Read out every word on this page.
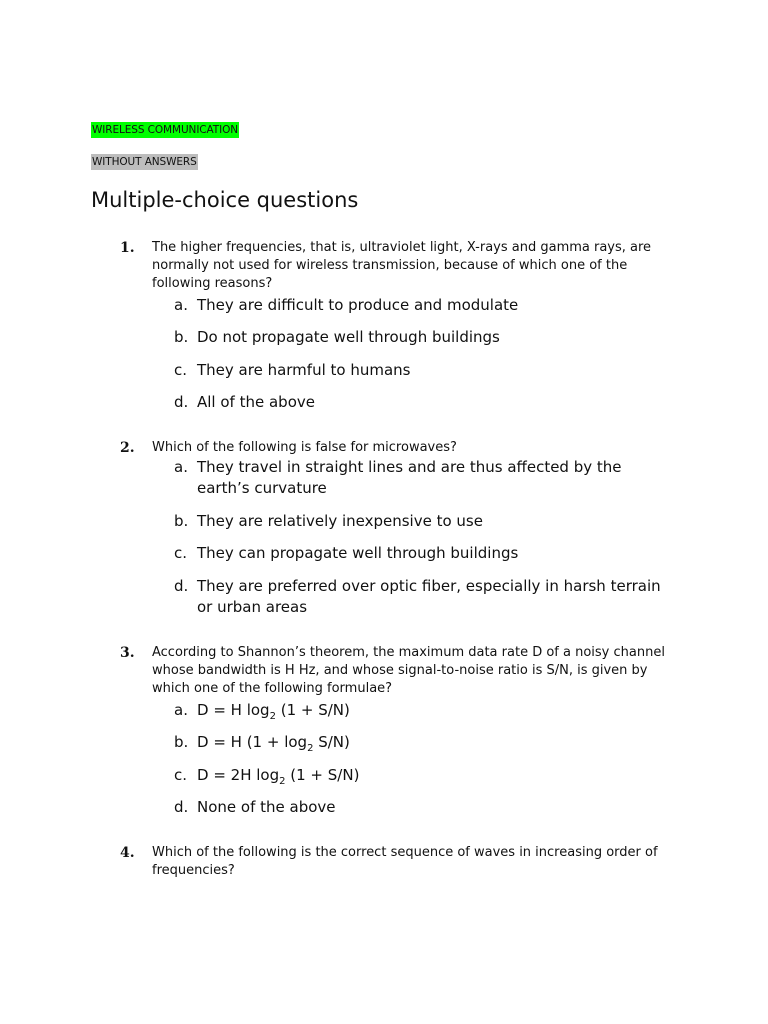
WIRELESS COMMUNICATION
WITHOUT ANSWERS
Multiple-choice questions
1. The higher frequencies, that is, ultraviolet light, X-rays and gamma rays, are normally not used for wireless transmission, because of which one of the following reasons?
a. They are difficult to produce and modulate
b. Do not propagate well through buildings
c. They are harmful to humans
d. All of the above
2. Which of the following is false for microwaves?
a. They travel in straight lines and are thus affected by the earth’s curvature
b. They are relatively inexpensive to use
c. They can propagate well through buildings
d. They are preferred over optic fiber, especially in harsh terrain or urban areas
3. According to Shannon’s theorem, the maximum data rate D of a noisy channel whose bandwidth is H Hz, and whose signal-to-noise ratio is S/N, is given by which one of the following formulae?
a. D = H $\log_2 (1 + S/N)$
b. D = H $(1 + \log_2 S/N)$
c. D = 2H $\log_2 (1 + S/N)$
d. None of the above
4. Which of the following is the correct sequence of waves in increasing order of frequencies?
